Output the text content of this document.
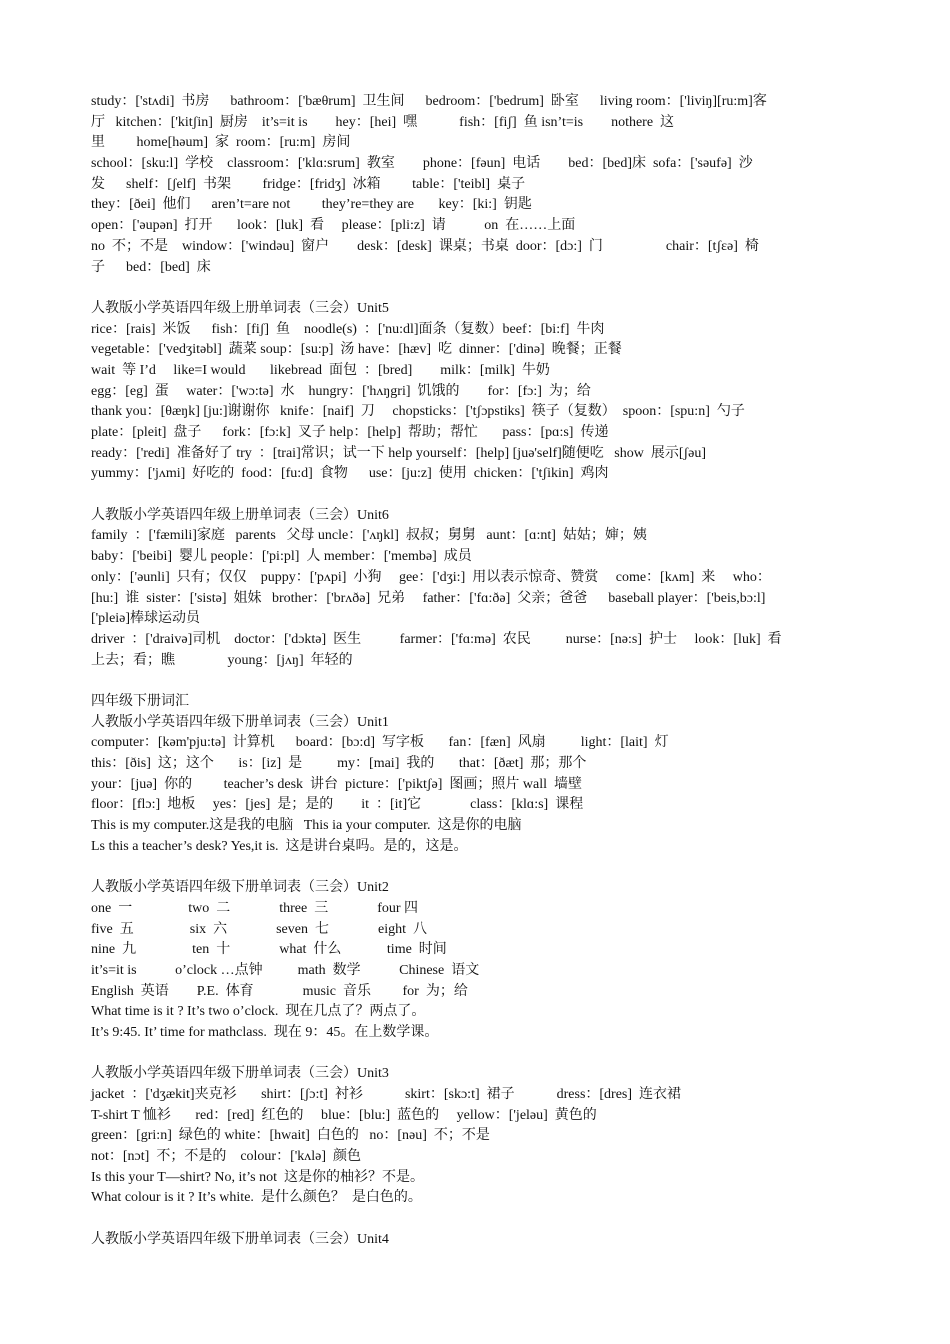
study：['stʌdi]  书房      bathroom：['bæθrum]  卫生间      bedroom：['bedrum]  卧室      living room：['liviŋ][ru:m]客
厅   kitchen：['kitʃin]  厨房    it’s=it is        hey：[hei]  嘿            fish：[fiʃ]  鱼 isn’t=is        nothere  这
里         home[həum]  家  room：[ru:m]  房间
school：[sku:l]  学校    classroom：['klɑ:srum]  教室        phone：[fəun]  电话        bed：[bed]床  sofa：['səufə]  沙
发      shelf：[ʃelf]  书架         fridge：[fridʒ]  冰箱         table：['teibl]  桌子
they：[ðei]  他们      aren’t=are not         they’re=they are       key：[ki:]  钥匙
open：['əupən]  打开       look：[luk]  看     please：[pli:z]  请           on  在……上面
no  不；不是    window：['windəu]  窗户        desk：[desk]  课桌；书桌  door：[dɔ:]  门                  chair：[tʃεə]  椅
子      bed：[bed]  床
人教版小学英语四年级上册单词表（三会）Unit5
rice：[rais]  米饭      fish：[fiʃ]  鱼    noodle(s)  ：['nu:dl]面条（复数）beef：[bi:f]  牛肉
vegetable：['vedʒitəbl]  蔬菜 soup：[su:p]  汤 have：[hæv]  吃  dinner：['dinə]  晚餐；正餐
wait  等 I’d     like=I would       likebread  面包  ：[bred]        milk：[milk]  牛奶
egg：[eg]  蛋     water：['wɔ:tə]  水    hungry：['hʌŋgri]  饥饿的        for：[fɔ:]  为；给
thank you：[θæŋk] [ju:]谢谢你   knife：[naif]  刀     chopsticks：['tʃɔpstiks]  筷子（复数）  spoon：[spu:n]  勺子
plate：[pleit]  盘子      fork：[fɔ:k]  叉子 help：[help]  帮助；帮忙       pass：[pɑ:s]  传递
ready：['redi]  准备好了 try  ：[trai]常识；试一下 help yourself：[help] [juə'self]随便吃   show  展示[ʃəu]
yummy：['jʌmi]  好吃的  food：[fu:d]  食物      use：[ju:z]  使用  chicken：['tʃikin]  鸡肉
人教版小学英语四年级上册单词表（三会）Unit6
family  ：['fæmili]家庭   parents   父母 uncle：['ʌŋkl]  叔叔；舅舅   aunt：[ɑ:nt]  姑姑；婶；姨
baby：['beibi]  婴儿 people：['pi:pl]  人 member：['membə]  成员
only：['əunli]  只有；仅仅    puppy：['pʌpi]  小狗     gee：['dʒi:]  用以表示惊奇、赞赏     come：[kʌm]  来     who：
[hu:]  谁  sister：['sistə]  姐妹   brother：['brʌðə]  兄弟     father：['fɑ:ðə]  父亲；爸爸      baseball player：['beis,bɔ:l]
['pleiə]棒球运动员
driver  ：['draivə]司机    doctor：['dɔktə]  医生           farmer：['fɑ:mə]  农民          nurse：[nə:s]  护士     look：[luk]  看
上去；看；瞧               young：[jʌŋ]  年轻的
四年级下册词汇
人教版小学英语四年级下册单词表（三会）Unit1
computer：[kəm'pju:tə]  计算机      board：[bɔ:d]  写字板       fan：[fæn]  风扇          light：[lait]  灯
this：[ðis]  这；这个       is：[iz]  是          my：[mai]  我的       that：[ðæt]  那；那个
your：[juə]  你的         teacher’s desk  讲台  picture：['piktʃə]  图画；照片 wall  墙壁
floor：[flɔ:]  地板     yes：[jes]  是；是的        it  ：[it]它              class：[klɑ:s]  课程
This is my computer.这是我的电脑   This ia your computer.  这是你的电脑
Ls this a teacher’s desk? Yes,it is.  这是讲台桌吗。是的，这是。
人教版小学英语四年级下册单词表（三会）Unit2
one  一                two  二              three  三              four 四
five  五                six  六              seven  七              eight  八
nine  九                ten  十              what  什么             time  时间
it’s=it is           o’clock …点钟          math  数学           Chinese  语文
English  英语        P.E.  体育              music  音乐         for  为；给
What time is it ? It’s two o’clock.  现在几点了？两点了。
It’s 9:45. It’ time for mathclass.  现在 9：45。在上数学课。
人教版小学英语四年级下册单词表（三会）Unit3
jacket  ：['dʒækit]夹克衫       shirt：[ʃɔ:t]  衬衫            skirt：[skɔ:t]  裙子            dress：[dres]  连衣裙
T-shirt T 恤衫       red：[red]  红色的     blue：[blu:]  蓝色的     yellow：['jeləu]  黄色的
green：[gri:n]  绿色的 white：[hwait]  白色的   no：[nəu]  不；不是
not：[nɔt]  不；不是的    colour：['kʌlə]  颜色
Is this your T—shirt? No, it’s not  这是你的柚衫？不是。
What colour is it ? It’s white.  是什么颜色？  是白色的。
人教版小学英语四年级下册单词表（三会）Unit4
